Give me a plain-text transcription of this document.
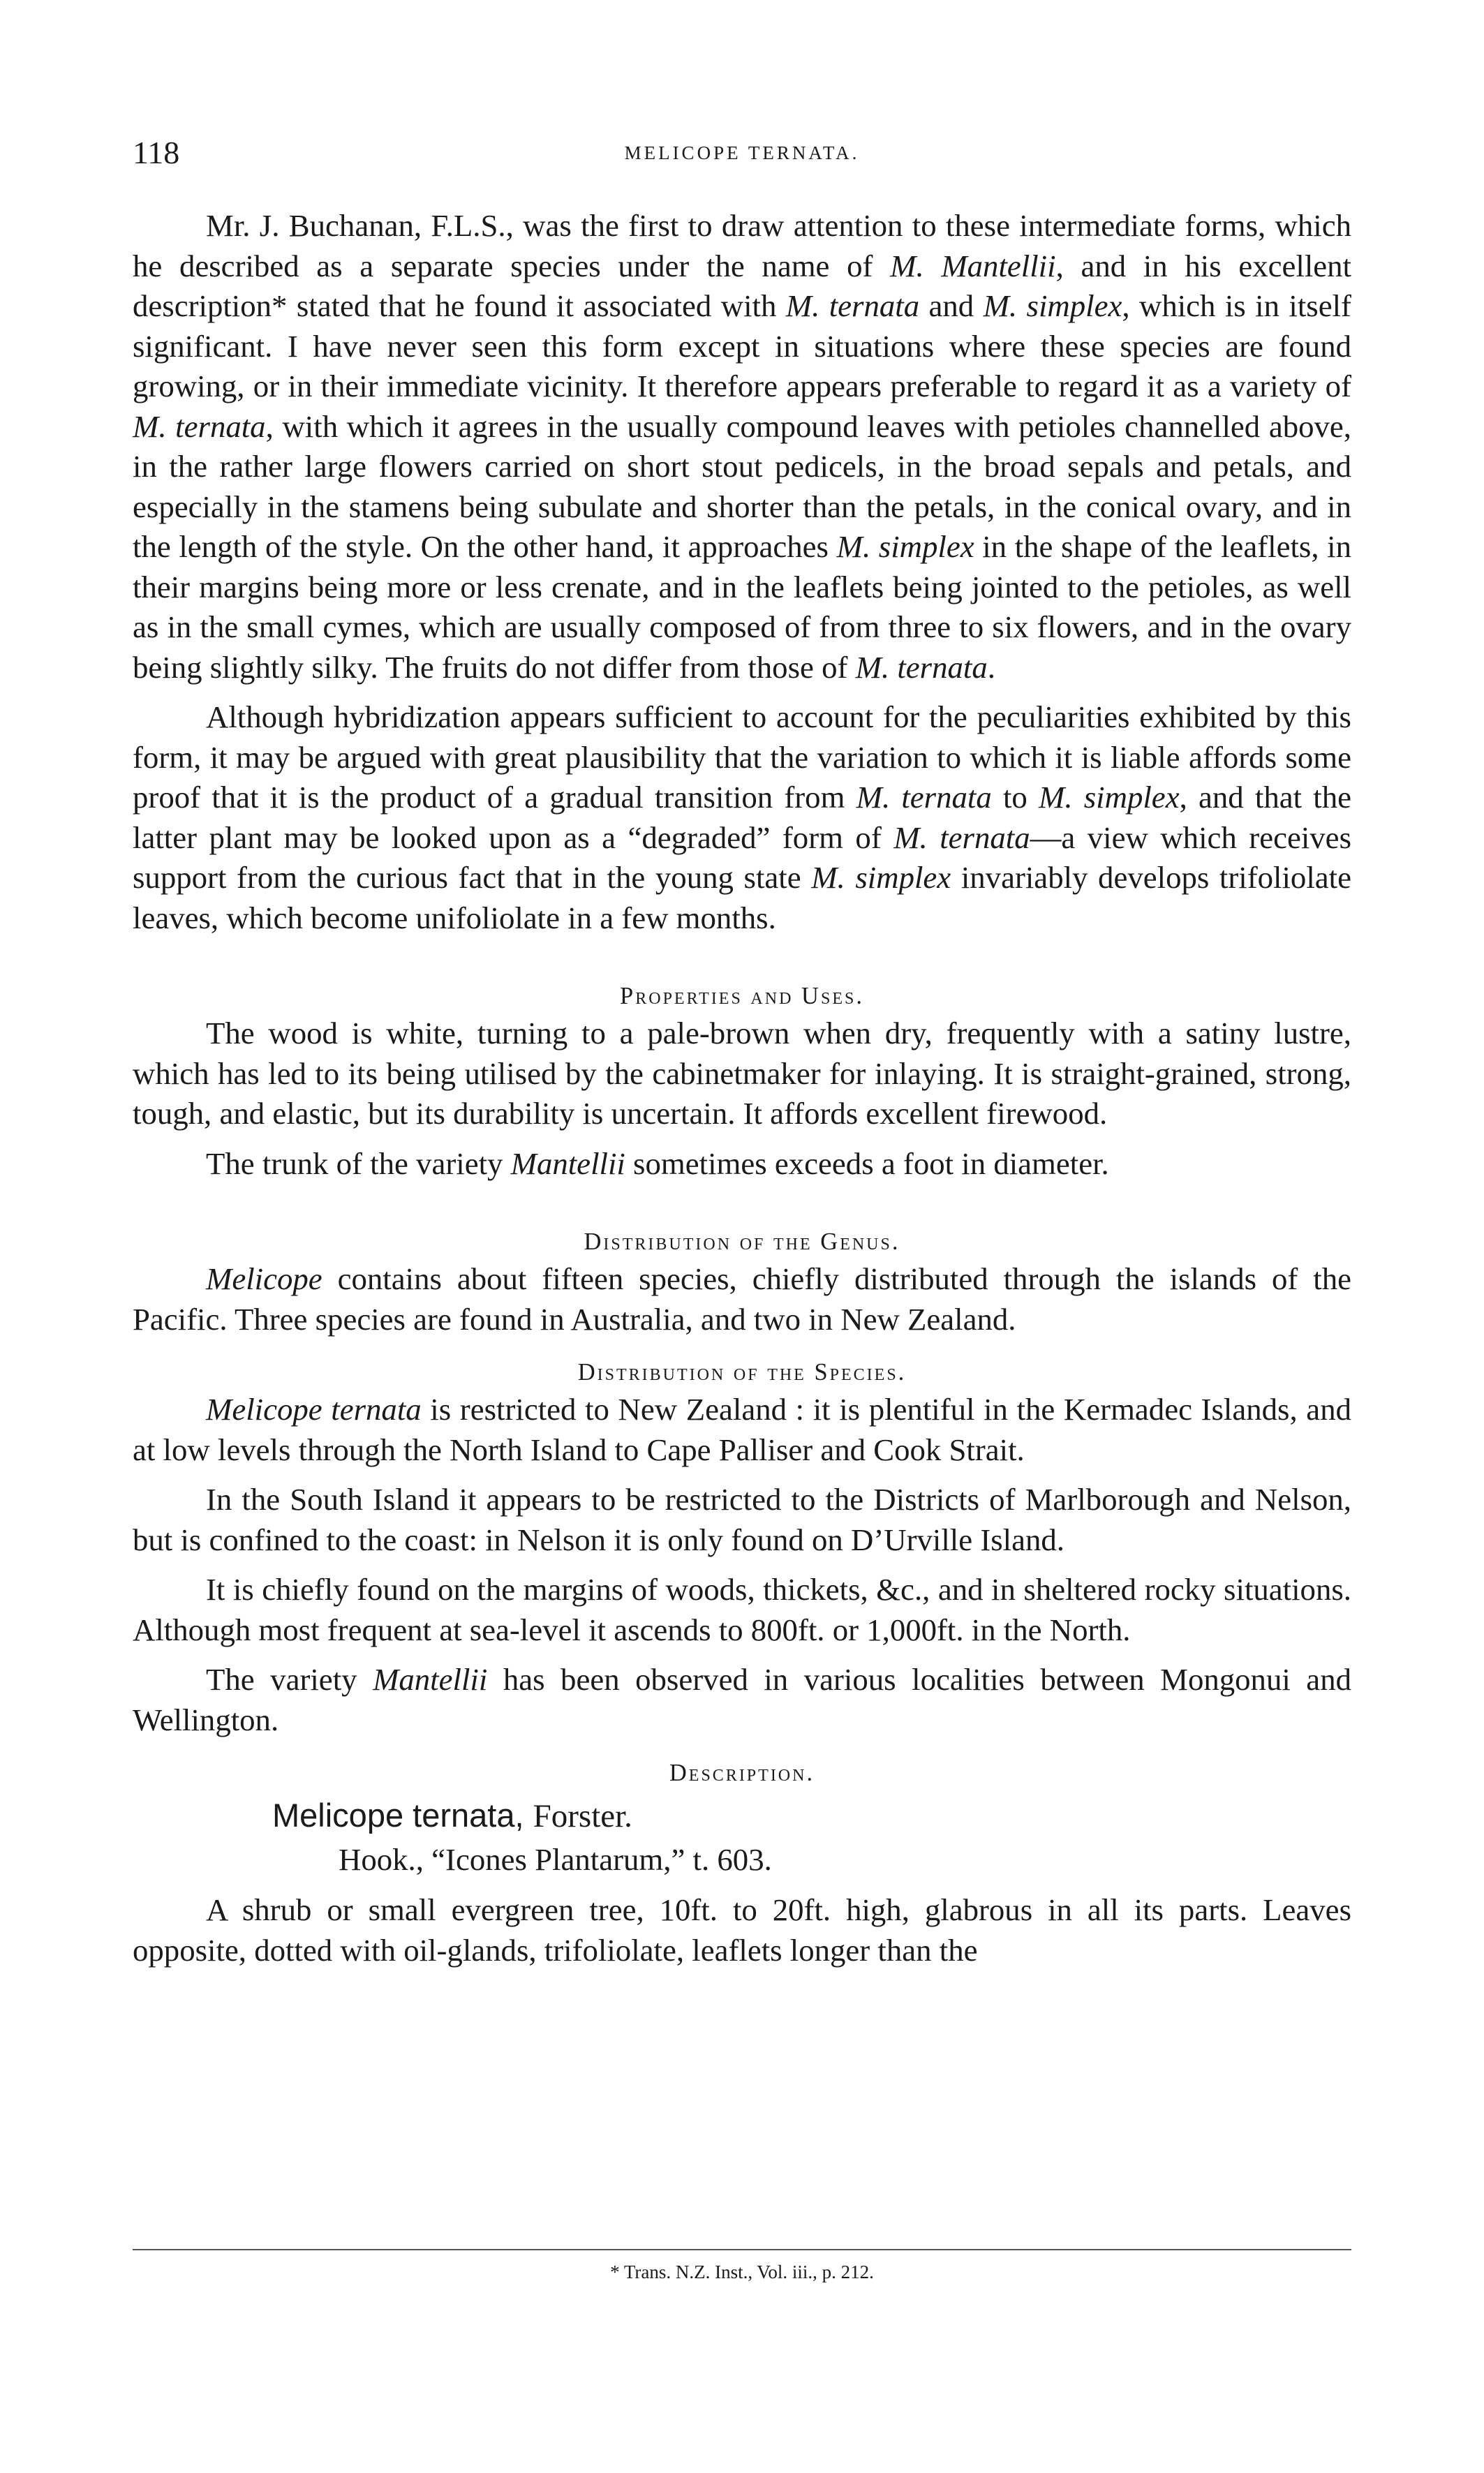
118	MELICOPE TERNATA.

Mr. J. Buchanan, F.L.S., was the first to draw attention to these intermediate forms, which he described as a separate species under the name of M. Mantellii, and in his excellent description* stated that he found it associated with M. ternata and M. simplex, which is in itself significant. I have never seen this form except in situations where these species are found growing, or in their immediate vicinity. It therefore appears preferable to regard it as a variety of M. ternata, with which it agrees in the usually compound leaves with petioles channelled above, in the rather large flowers carried on short stout pedicels, in the broad sepals and petals, and especially in the stamens being subulate and shorter than the petals, in the conical ovary, and in the length of the style. On the other hand, it approaches M. simplex in the shape of the leaflets, in their margins being more or less crenate, and in the leaflets being jointed to the petioles, as well as in the small cymes, which are usually composed of from three to six flowers, and in the ovary being slightly silky. The fruits do not differ from those of M. ternata.

Although hybridization appears sufficient to account for the peculiarities exhibited by this form, it may be argued with great plausibility that the variation to which it is liable affords some proof that it is the product of a gradual transition from M. ternata to M. simplex, and that the latter plant may be looked upon as a “degraded” form of M. ternata—a view which receives support from the curious fact that in the young state M. simplex invariably develops trifoliolate leaves, which become unifoliolate in a few months.

Properties and Uses.

The wood is white, turning to a pale-brown when dry, frequently with a satiny lustre, which has led to its being utilised by the cabinetmaker for inlaying. It is straight-grained, strong, tough, and elastic, but its durability is uncertain. It affords excellent firewood.

The trunk of the variety Mantellii sometimes exceeds a foot in diameter.

Distribution of the Genus.

Melicope contains about fifteen species, chiefly distributed through the islands of the Pacific. Three species are found in Australia, and two in New Zealand.

Distribution of the Species.

Melicope ternata is restricted to New Zealand : it is plentiful in the Kermadec Islands, and at low levels through the North Island to Cape Palliser and Cook Strait.

In the South Island it appears to be restricted to the Districts of Marlborough and Nelson, but is confined to the coast: in Nelson it is only found on D’Urville Island.

It is chiefly found on the margins of woods, thickets, &c., and in sheltered rocky situations. Although most frequent at sea-level it ascends to 800ft. or 1,000ft. in the North.

The variety Mantellii has been observed in various localities between Mongonui and Wellington.

Description.
Melicope ternata, Forster.
Hook., “Icones Plantarum,” t. 603.

A shrub or small evergreen tree, 10ft. to 20ft. high, glabrous in all its parts. Leaves opposite, dotted with oil-glands, trifoliolate, leaflets longer than the

* Trans. N.Z. Inst., Vol. iii., p. 212.
